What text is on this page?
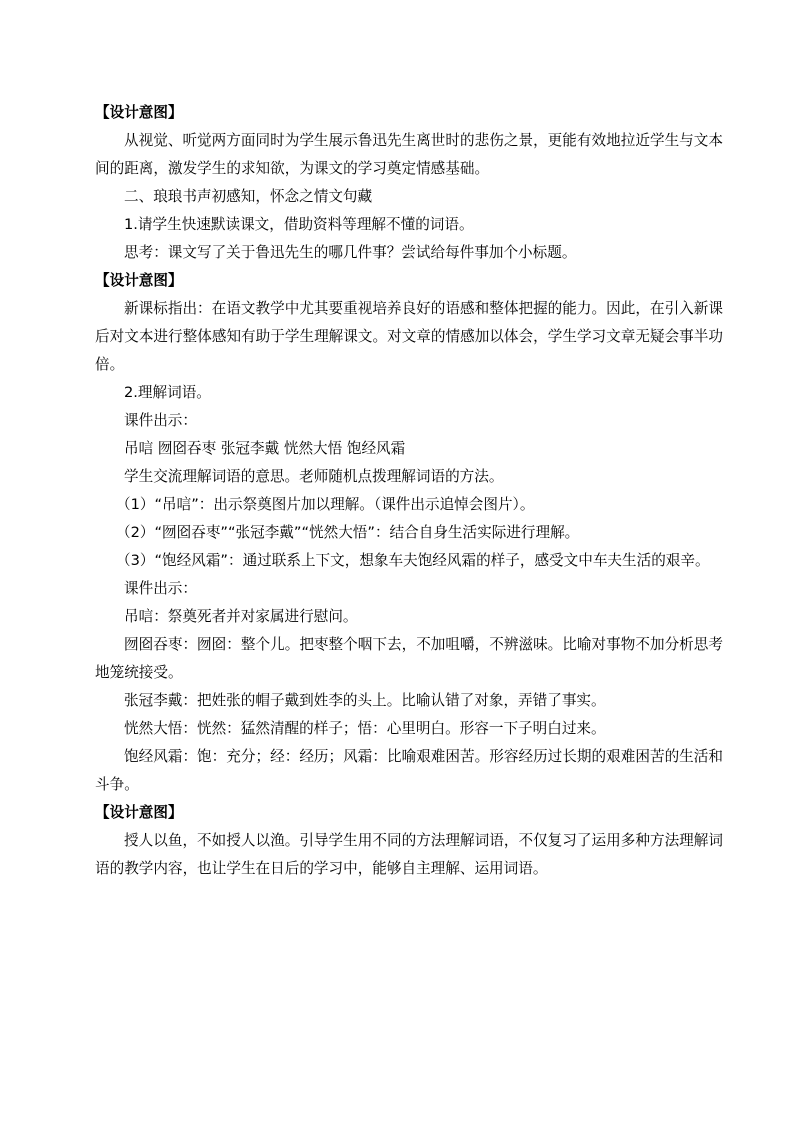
【设计意图】

从视觉、听觉两方面同时为学生展示鲁迅先生离世时的悲伤之景，更能有效地拉近学生与文本间的距离，激发学生的求知欲，为课文的学习奠定情感基础。

二、琅琅书声初感知，怀念之情文句藏

1.请学生快速默读课文，借助资料等理解不懂的词语。

思考：课文写了关于鲁迅先生的哪几件事？尝试给每件事加个小标题。

【设计意图】

新课标指出：在语文教学中尤其要重视培养良好的语感和整体把握的能力。因此，在引入新课后对文本进行整体感知有助于学生理解课文。对文章的情感加以体会，学生学习文章无疑会事半功倍。

2.理解词语。

课件出示：

吊唁 囫囵吞枣 张冠李戴 恍然大悟 饱经风霜

学生交流理解词语的意思。老师随机点拨理解词语的方法。

（1）“吊唁”：出示祭奠图片加以理解。（课件出示追悼会图片）。

（2）“囫囵吞枣”“张冠李戴”“恍然大悟”：结合自身生活实际进行理解。

（3）“饱经风霜”：通过联系上下文，想象车夫饱经风霜的样子，感受文中车夫生活的艰辛。

课件出示：

吊唁：祭奠死者并对家属进行慰问。

囫囵吞枣：囫囵：整个儿。把枣整个咽下去，不加咀嚼，不辨滋味。比喻对事物不加分析思考地笼统接受。

张冠李戴：把姓张的帽子戴到姓李的头上。比喻认错了对象，弄错了事实。

恍然大悟：恍然：猛然清醒的样子；悟：心里明白。形容一下子明白过来。

饱经风霜：饱：充分；经：经历；风霜：比喻艰难困苦。形容经历过长期的艰难困苦的生活和斗争。

【设计意图】

授人以鱼，不如授人以渔。引导学生用不同的方法理解词语，不仅复习了运用多种方法理解词语的教学内容，也让学生在日后的学习中，能够自主理解、运用词语。
